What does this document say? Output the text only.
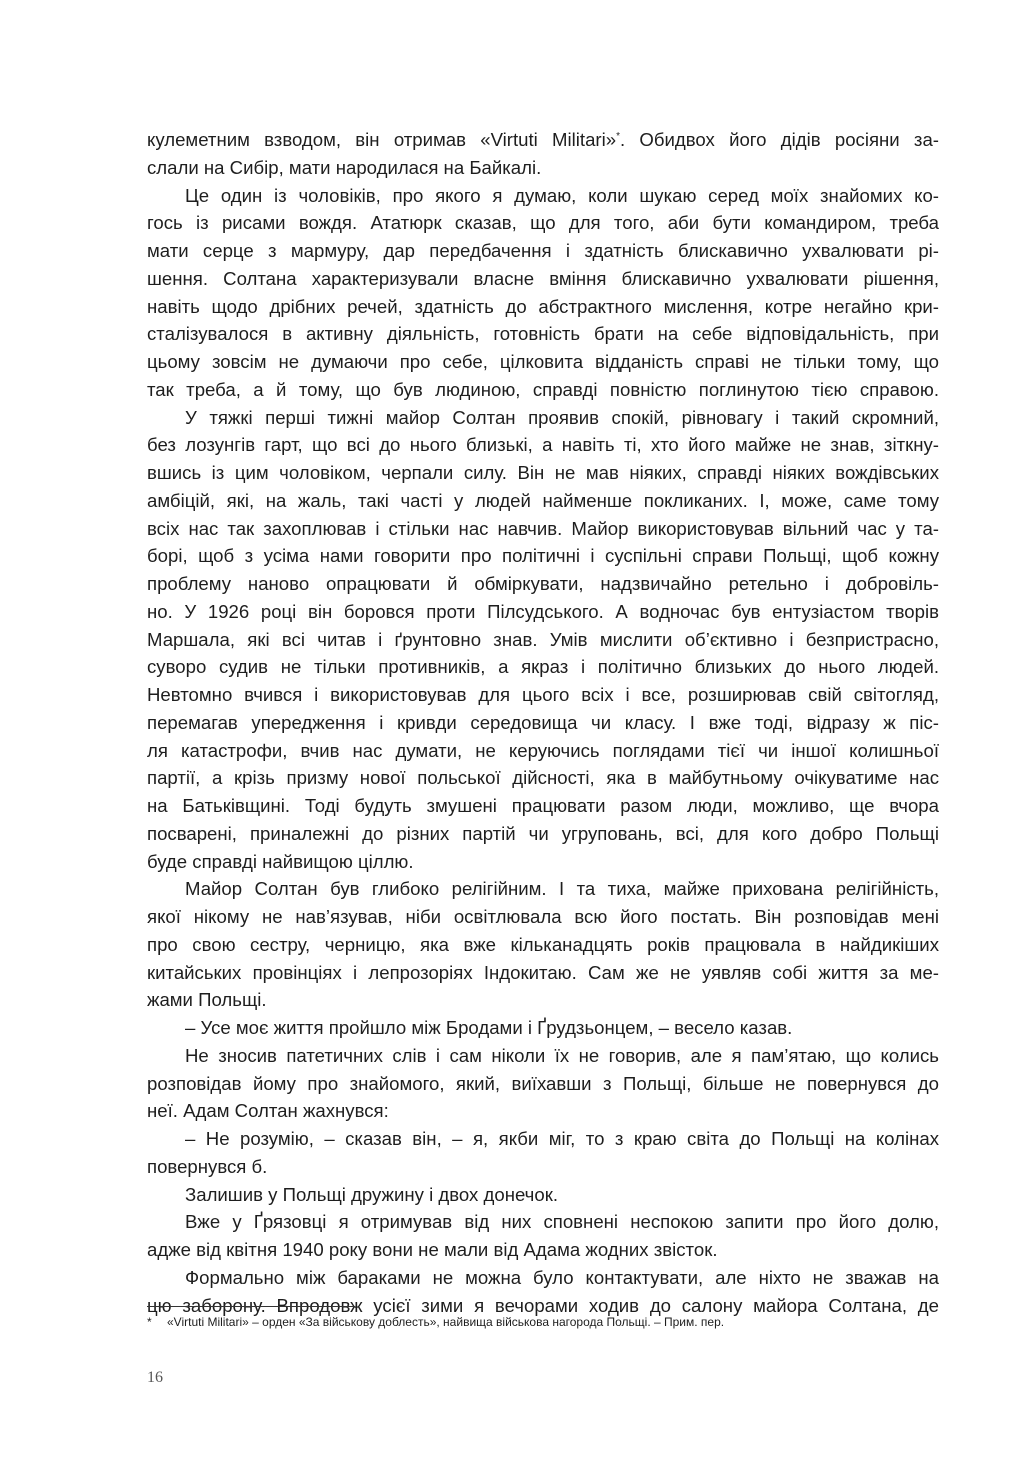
кулеметним взводом, він отримав «Virtuti Militari»*. Обидвох його дідів росіяни за-
слали на Сибір, мати народилася на Байкалі.
Це один із чоловіків, про якого я думаю, коли шукаю серед моїх знайомих ко-
гось із рисами вождя. Ататюрк сказав, що для того, аби бути командиром, треба
мати серце з мармуру, дар передбачення і здатність блискавично ухвалювати рі-
шення. Солтана характеризували власне вміння блискавично ухвалювати рішення,
навіть щодо дрібних речей, здатність до абстрактного мислення, котре негайно кри-
сталізувалося в активну діяльність, готовність брати на себе відповідальність, при
цьому зовсім не думаючи про себе, цілковита відданість справі не тільки тому, що
так треба, а й тому, що був людиною, справді повністю поглинутою тією справою.
У тяжкі перші тижні майор Солтан проявив спокій, рівновагу і такий скромний,
без лозунгів гарт, що всі до нього близькі, а навіть ті, хто його майже не знав, зіткну-
вшись із цим чоловіком, черпали силу. Він не мав ніяких, справді ніяких вождівських
амбіцій, які, на жаль, такі часті у людей найменше покликаних. І, може, саме тому
всіх нас так захоплював і стільки нас навчив. Майор використовував вільний час у та-
борі, щоб з усіма нами говорити про політичні і суспільні справи Польщі, щоб кожну
проблему наново опрацювати й обміркувати, надзвичайно ретельно і добровіль-
но. У 1926 році він боровся проти Пілсудського. А водночас був ентузіастом творів
Маршала, які всі читав і ґрунтовно знав. Умів мислити об’єктивно і безпристрасно,
суворо судив не тільки противників, а якраз і політично близьких до нього людей.
Невтомно вчився і використовував для цього всіх і все, розширював свій світогляд,
перемагав упередження і кривди середовища чи класу. І вже тоді, відразу ж піс-
ля катастрофи, вчив нас думати, не керуючись поглядами тієї чи іншої колишньої
партії, а крізь призму нової польської дійсності, яка в майбутньому очікуватиме нас
на Батьківщині. Тоді будуть змушені працювати разом люди, можливо, ще вчора
посварені, приналежні до різних партій чи угруповань, всі, для кого добро Польщі
буде справді найвищою ціллю.
Майор Солтан був глибоко релігійним. І та тиха, майже прихована релігійність,
якої нікому не нав’язував, ніби освітлювала всю його постать. Він розповідав мені
про свою сестру, черницю, яка вже кільканадцять років працювала в найдикіших
китайських провінціях і лепрозоріях Індокитаю. Сам же не уявляв собі життя за ме-
жами Польщі.
– Усе моє життя пройшло між Бродами і Ґрудзьонцем, – весело казав.
Не зносив патетичних слів і сам ніколи їх не говорив, але я пам’ятаю, що колись
розповідав йому про знайомого, який, виїхавши з Польщі, більше не повернувся до
неї. Адам Солтан жахнувся:
– Не розумію, – сказав він, – я, якби міг, то з краю світа до Польщі на колінах
повернувся б.
Залишив у Польщі дружину і двох донечок.
Вже у Ґрязовці я отримував від них сповнені неспокою запити про його долю,
адже від квітня 1940 року вони не мали від Адама жодних звісток.
Формально між бараками не можна було контактувати, але ніхто не зважав на
цю заборону. Впродовж усієї зими я вечорами ходив до салону майора Солтана, де
* «Virtuti Militari» – орден «За військову доблесть», найвища військова нагорода Польщі. – Прим. пер.
16
